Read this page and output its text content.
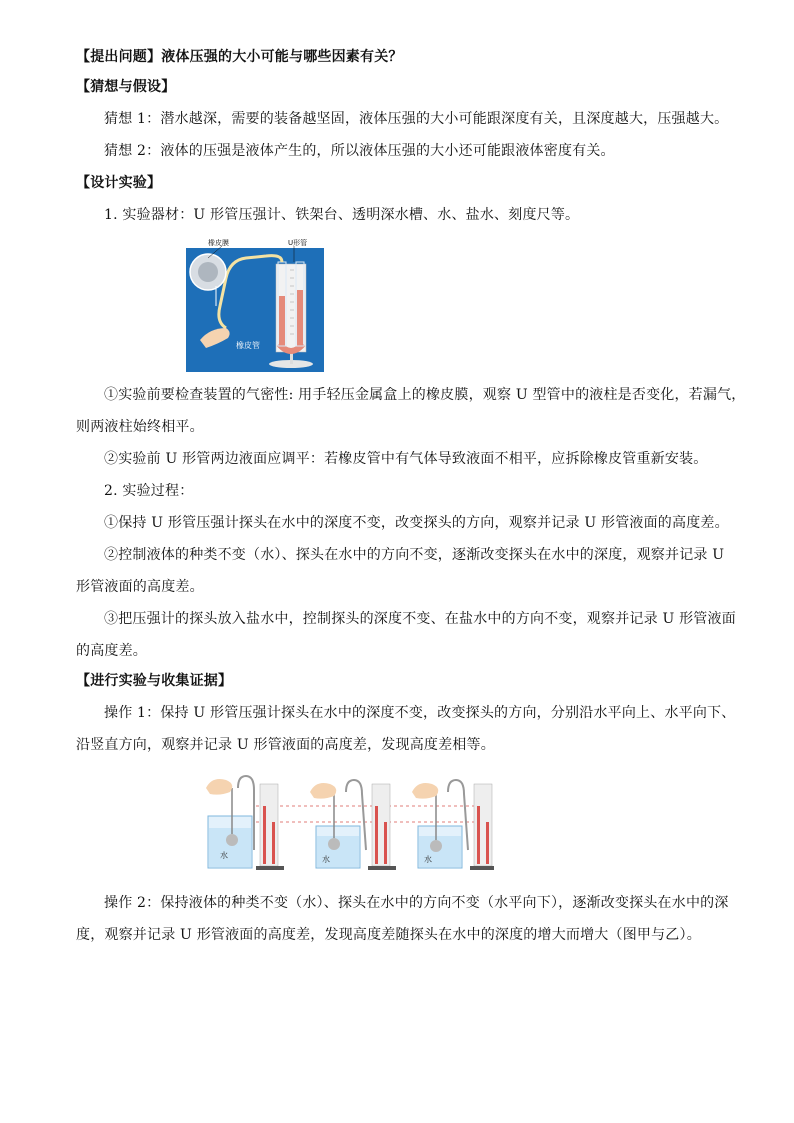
【提出问题】液体压强的大小可能与哪些因素有关？
【猜想与假设】
猜想 1：潜水越深，需要的装备越坚固，液体压强的大小可能跟深度有关，且深度越大，压强越大。
猜想 2：液体的压强是液体产生的，所以液体压强的大小还可能跟液体密度有关。
【设计实验】
1. 实验器材：U 形管压强计、铁架台、透明深水槽、水、盐水、刻度尺等。
橡皮膜	U形管
橡皮管
①实验前要检查装置的气密性: 用手轻压金属盒上的橡皮膜，观察 U 型管中的液柱是否变化，若漏气，
则两液柱始终相平。
②实验前 U 形管两边液面应调平：若橡皮管中有气体导致液面不相平，应拆除橡皮管重新安装。
2. 实验过程：
①保持 U 形管压强计探头在水中的深度不变，改变探头的方向，观察并记录 U 形管液面的高度差。
②控制液体的种类不变（水）、探头在水中的方向不变，逐渐改变探头在水中的深度，观察并记录 U
形管液面的高度差。
③把压强计的探头放入盐水中，控制探头的深度不变、在盐水中的方向不变，观察并记录 U 形管液面
的高度差。
【进行实验与收集证据】
操作 1：保持 U 形管压强计探头在水中的深度不变，改变探头的方向，分别沿水平向上、水平向下、
沿竖直方向，观察并记录 U 形管液面的高度差，发现高度差相等。
水	水	水
操作 2：保持液体的种类不变（水）、探头在水中的方向不变（水平向下），逐渐改变探头在水中的深
度，观察并记录 U 形管液面的高度差，发现高度差随探头在水中的深度的增大而增大（图甲与乙）。
